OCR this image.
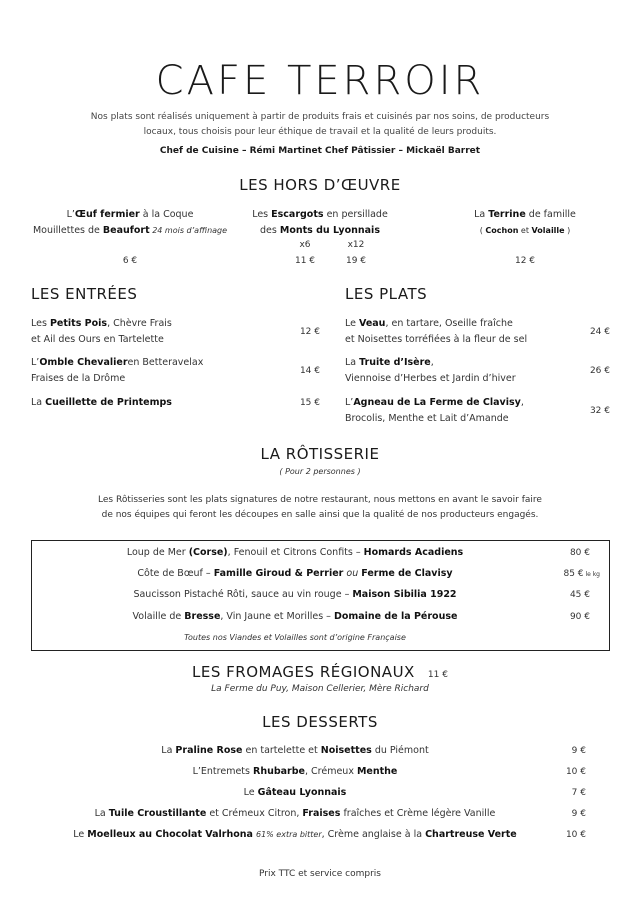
CAFE TERROIR
Nos plats sont réalisés uniquement à partir de produits frais et cuisinés par nos soins, de producteurs
locaux, tous choisis pour leur éthique de travail et la qualité de leurs produits.
Chef de Cuisine – Rémi Martinet Chef Pâtissier – Mickaël Barret
LES HORS D’ŒUVRE
L’Œuf fermier à la Coque
Mouillettes de Beaufort 24 mois d’affinage
6 €
Les Escargots en persillade
des Monts du Lyonnais
x6	x12
11 €	19 €
La Terrine de famille
( Cochon et Volaille )
12 €
LES ENTRÉES
Les Petits Pois, Chèvre Frais
et Ail des Ours en Tartelette
12 €
L’Omble Chevalieren Betteravelax
Fraises de la Drôme
14 €
La Cueillette de Printemps	15 €
LES PLATS
Le Veau, en tartare, Oseille fraîche
et Noisettes torréfiées à la fleur de sel
24 €
La Truite d’Isère,
Viennoise d’Herbes et Jardin d’hiver
26 €
L’Agneau de La Ferme de Clavisy,
Brocolis, Menthe et Lait d’Amande
32 €
LA RÔTISSERIE
( Pour 2 personnes )
Les Rôtisseries sont les plats signatures de notre restaurant, nous mettons en avant le savoir faire
de nos équipes qui feront les découpes en salle ainsi que la qualité de nos producteurs engagés.
Loup de Mer (Corse), Fenouil et Citrons Confits – Homards Acadiens	80 €
Côte de Bœuf – Famille Giroud & Perrier ou Ferme de Clavisy	85 € le kg
Saucisson Pistaché Rôti, sauce au vin rouge – Maison Sibilia 1922	45 €
Volaille de Bresse, Vin Jaune et Morilles – Domaine de la Pérouse	90 €
Toutes nos Viandes et Volailles sont d’origine Française
LES FROMAGES RÉGIONAUX 11 €
La Ferme du Puy, Maison Cellerier, Mère Richard
LES DESSERTS
La Praline Rose en tartelette et Noisettes du Piémont	9 €
L’Entremets Rhubarbe, Crémeux Menthe	10 €
Le Gâteau Lyonnais	7 €
La Tuile Croustillante et Crémeux Citron, Fraises fraîches et Crème légère Vanille	9 €
Le Moelleux au Chocolat Valrhona 61% extra bitter, Crème anglaise à la Chartreuse Verte	10 €
Prix TTC et service compris
